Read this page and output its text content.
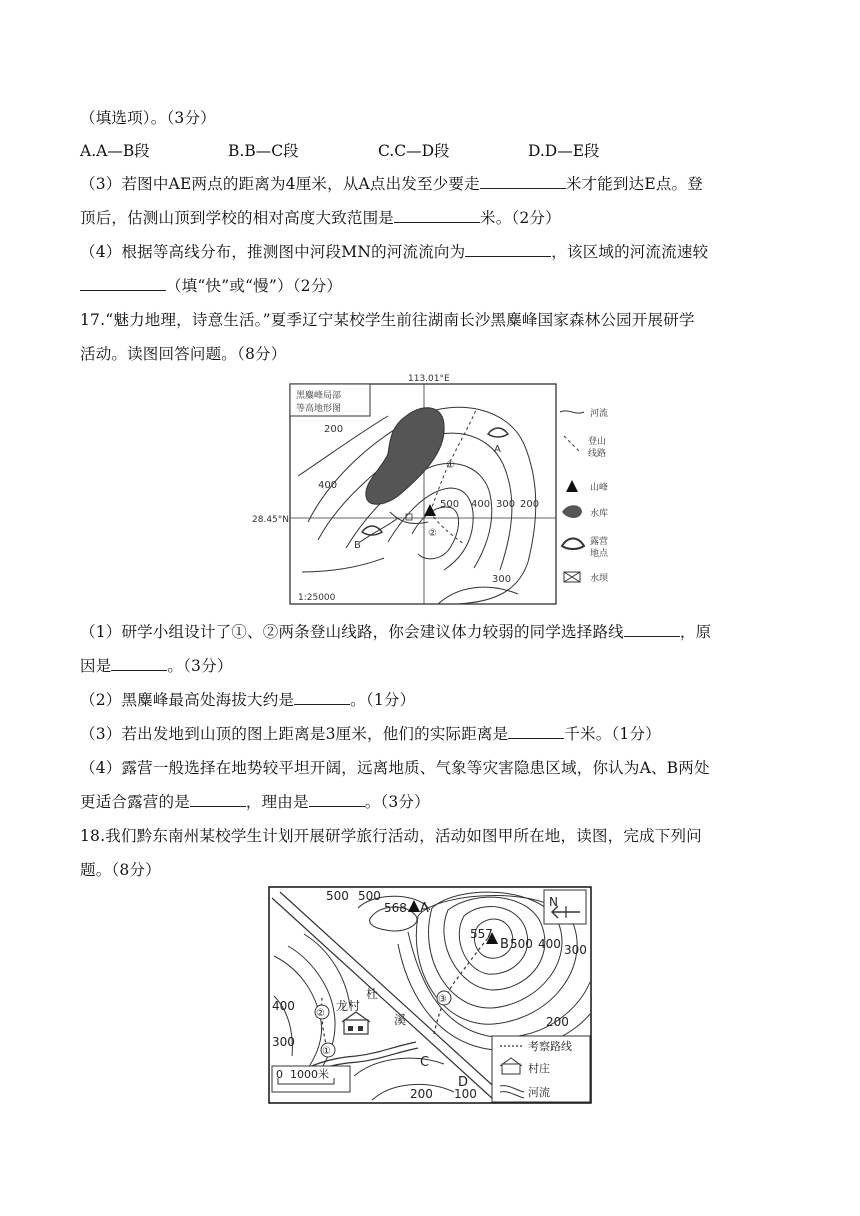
（填选项）。（3分）
A.A—B段	B.B—C段	C.C—D段	D.D—E段
（3）若图中AE两点的距离为4厘米，从A点出发至少要走	米才能到达E点。登
顶后，估测山顶到学校的相对高度大致范围是	米。（2分）
（4）根据等高线分布，推测图中河段MN的河流流向为	，该区域的河流流速较
（填“快”或“慢”）（2分）
17.“魅力地理，诗意生活。”夏季辽宁某校学生前往湖南长沙黑麋峰国家森林公园开展研学
活动。读图回答问题。（8分）
黑麋峰局部
等高地形图
113.01°E
200
400
500 400 300 200
300
A
B
①
②
28.45°N
1:25000
河流
登山
线路
山峰
水库
露营
地点
水坝
（1）研学小组设计了①、②两条登山线路，你会建议体力较弱的同学选择路线	，原
因是	。（3分）
（2）黑麋峰最高处海拔大约是	。（1分）
（3）若出发地到山顶的图上距离是3厘米，他们的实际距离是	千米。（1分）
（4）露营一般选择在地势较平坦开阔，远离地质、气象等灾害隐患区域，你认为A、B两处
更适合露营的是	，理由是	。（3分）
18.我们黔东南州某校学生计划开展研学旅行活动，活动如图甲所在地，读图，完成下列问
题。（8分）
500 500
568 A
557
B 500 400 300
400
300
200
200 100
龙村
杜
溪
C
D
①
②
③
0 1000米
N
考察路线
村庄
河流
